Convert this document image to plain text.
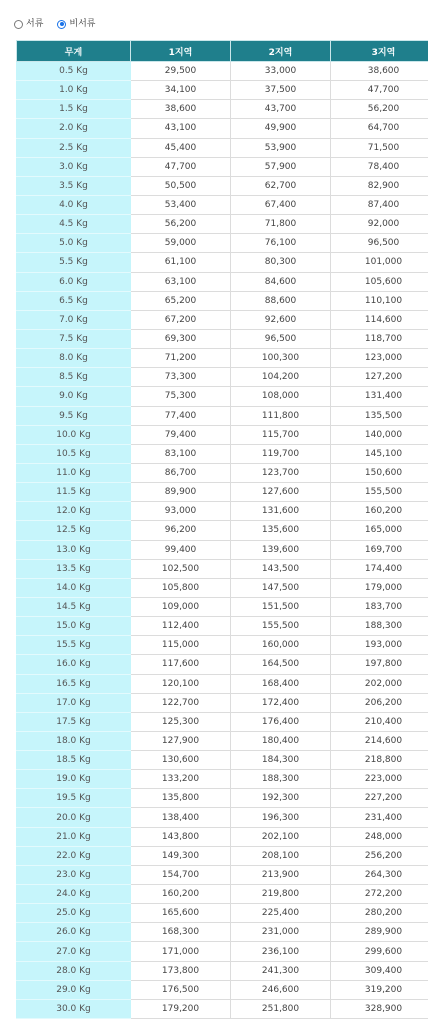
서류	비서류
무게	1지역	2지역	3지역
0.5 Kg	29,500	33,000	38,600
1.0 Kg	34,100	37,500	47,700
1.5 Kg	38,600	43,700	56,200
2.0 Kg	43,100	49,900	64,700
2.5 Kg	45,400	53,900	71,500
3.0 Kg	47,700	57,900	78,400
3.5 Kg	50,500	62,700	82,900
4.0 Kg	53,400	67,400	87,400
4.5 Kg	56,200	71,800	92,000
5.0 Kg	59,000	76,100	96,500
5.5 Kg	61,100	80,300	101,000
6.0 Kg	63,100	84,600	105,600
6.5 Kg	65,200	88,600	110,100
7.0 Kg	67,200	92,600	114,600
7.5 Kg	69,300	96,500	118,700
8.0 Kg	71,200	100,300	123,000
8.5 Kg	73,300	104,200	127,200
9.0 Kg	75,300	108,000	131,400
9.5 Kg	77,400	111,800	135,500
10.0 Kg	79,400	115,700	140,000
10.5 Kg	83,100	119,700	145,100
11.0 Kg	86,700	123,700	150,600
11.5 Kg	89,900	127,600	155,500
12.0 Kg	93,000	131,600	160,200
12.5 Kg	96,200	135,600	165,000
13.0 Kg	99,400	139,600	169,700
13.5 Kg	102,500	143,500	174,400
14.0 Kg	105,800	147,500	179,000
14.5 Kg	109,000	151,500	183,700
15.0 Kg	112,400	155,500	188,300
15.5 Kg	115,000	160,000	193,000
16.0 Kg	117,600	164,500	197,800
16.5 Kg	120,100	168,400	202,000
17.0 Kg	122,700	172,400	206,200
17.5 Kg	125,300	176,400	210,400
18.0 Kg	127,900	180,400	214,600
18.5 Kg	130,600	184,300	218,800
19.0 Kg	133,200	188,300	223,000
19.5 Kg	135,800	192,300	227,200
20.0 Kg	138,400	196,300	231,400
21.0 Kg	143,800	202,100	248,000
22.0 Kg	149,300	208,100	256,200
23.0 Kg	154,700	213,900	264,300
24.0 Kg	160,200	219,800	272,200
25.0 Kg	165,600	225,400	280,200
26.0 Kg	168,300	231,000	289,900
27.0 Kg	171,000	236,100	299,600
28.0 Kg	173,800	241,300	309,400
29.0 Kg	176,500	246,600	319,200
30.0 Kg	179,200	251,800	328,900
